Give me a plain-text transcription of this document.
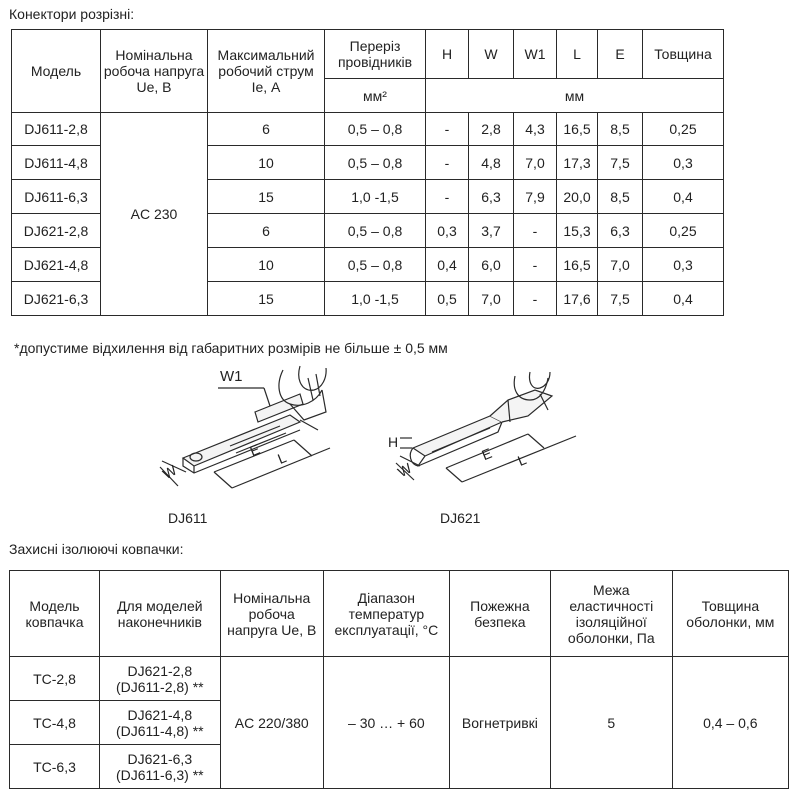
Конектори розрізні:
Модель	Номінальна робоча напруга Ue, В	Максимальний робочий струм Ie, А	Переріз провідників	H	W	W1	L	E	Товщина
			мм²	мм					
DJ611-2,8	AC 230	6	0,5 – 0,8	-	2,8	4,3	16,5	8,5	0,25
DJ611-4,8		10	0,5 – 0,8	-	4,8	7,0	17,3	7,5	0,3
DJ611-6,3		15	1,0 -1,5	-	6,3	7,9	20,0	8,5	0,4
DJ621-2,8		6	0,5 – 0,8	0,3	3,7	-	15,3	6,3	0,25
DJ621-4,8		10	0,5 – 0,8	0,4	6,0	-	16,5	7,0	0,3
DJ621-6,3		15	1,0 -1,5	0,5	7,0	-	17,6	7,5	0,4
*допустиме відхилення від габаритних розмірів не більше ± 0,5 мм
W1
W
E L
H
W
E L
DJ611	DJ621
Захисні ізолюючі ковпачки:
Модель ковпачка	Для моделей наконечників	Номінальна робоча напруга Ue, В	Діапазон температур експлуатації, °С	Пожежна безпека	Межа еластичності ізоляційної оболонки, Па	Товщина оболонки, мм
TC-2,8	DJ621-2,8
(DJ611-2,8) **	AC 220/380	– 30 … + 60	Вогнетривкі	5	0,4 – 0,6
TC-4,8	DJ621-4,8
(DJ611-4,8) **					

TC-6,3	DJ621-6,3
(DJ611-6,3) **					
